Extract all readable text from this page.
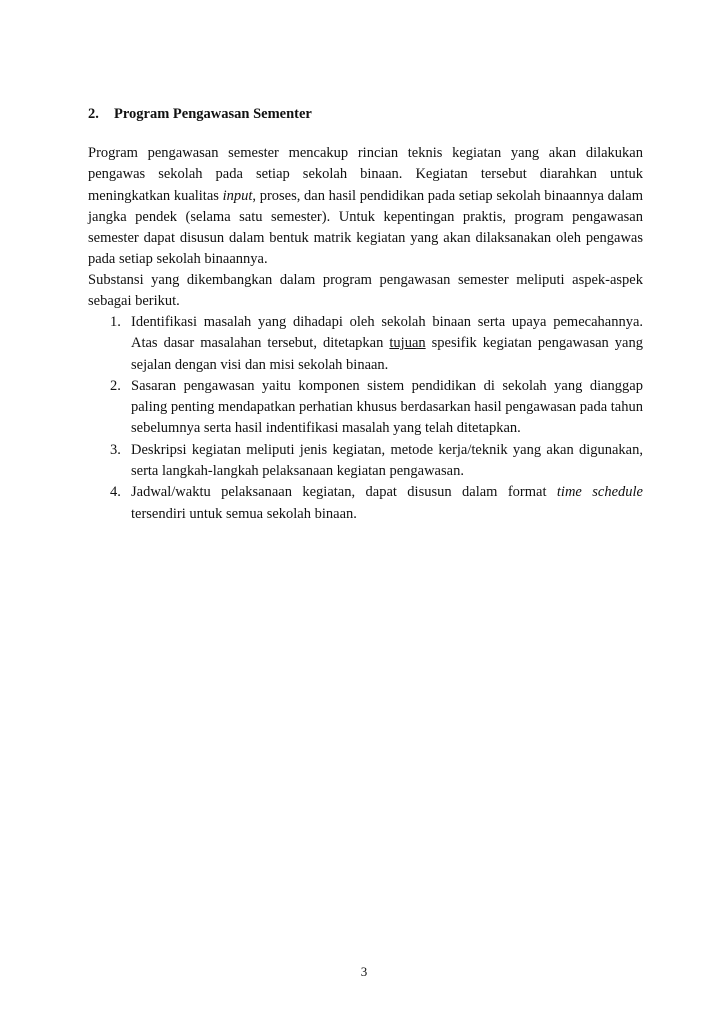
2. Program Pengawasan Sementer

Program pengawasan semester mencakup rincian teknis kegiatan yang akan dilakukan pengawas sekolah pada setiap sekolah binaan. Kegiatan tersebut diarahkan untuk meningkatkan kualitas input, proses, dan hasil pendidikan pada setiap sekolah binaannya dalam jangka pendek (selama satu semester). Untuk kepentingan praktis, program pengawasan semester dapat disusun dalam bentuk matrik kegiatan yang akan dilaksanakan oleh pengawas pada setiap sekolah binaannya.

Substansi yang dikembangkan dalam program pengawasan semester meliputi aspek-aspek sebagai berikut.

1. Identifikasi masalah yang dihadapi oleh sekolah binaan serta upaya pemecahannya. Atas dasar masalahan tersebut, ditetapkan tujuan spesifik kegiatan pengawasan yang sejalan dengan visi dan misi sekolah binaan.
2. Sasaran pengawasan yaitu komponen sistem pendidikan di sekolah yang dianggap paling penting mendapatkan perhatian khusus berdasarkan hasil pengawasan pada tahun sebelumnya serta hasil indentifikasi masalah yang telah ditetapkan.
3. Deskripsi kegiatan meliputi jenis kegiatan, metode kerja/teknik yang akan digunakan, serta langkah-langkah pelaksanaan kegiatan pengawasan.
4. Jadwal/waktu pelaksanaan kegiatan, dapat disusun dalam format time schedule tersendiri untuk semua sekolah binaan.
3
